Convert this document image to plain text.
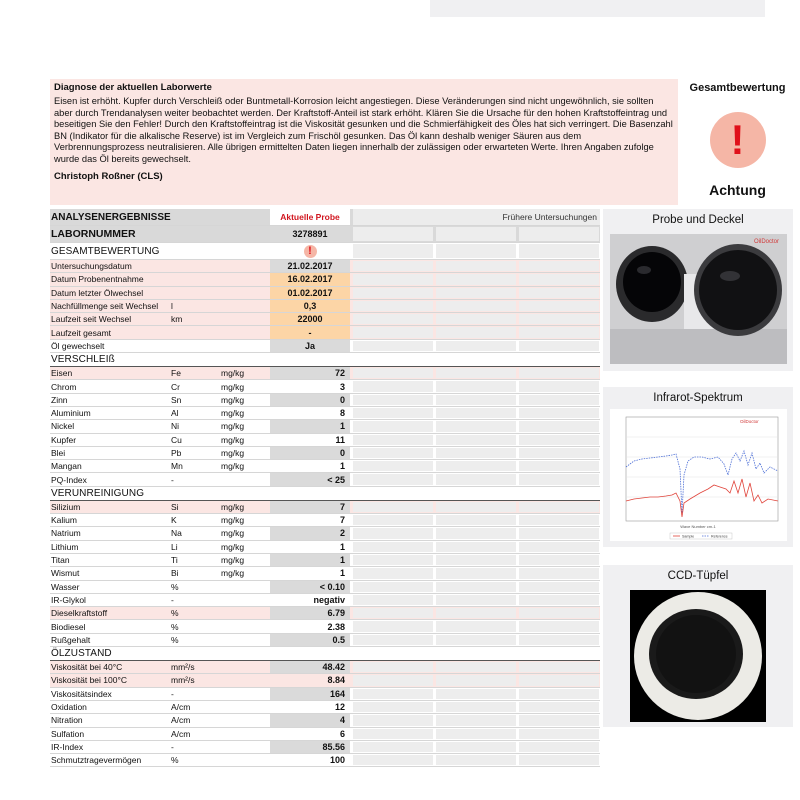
Diagnose der aktuellen Laborwerte
Eisen ist erhöht. Kupfer durch Verschleiß oder Buntmetall-Korrosion leicht angestiegen. Diese Veränderungen sind nicht ungewöhnlich, sie sollten aber durch Trendanalysen weiter beobachtet werden. Der Kraftstoff-Anteil ist stark erhöht. Klären Sie die Ursache für den hohen Kraftstoffeintrag und beseitigen Sie den Fehler! Durch den Kraftstoffeintrag ist die Viskosität gesunken und die Schmierfähigkeit des Öles hat sich verringert. Die Basenzahl BN (Indikator für die alkalische Reserve) ist im Vergleich zum Frischöl gesunken. Das Öl kann deshalb weniger Säuren aus dem Verbrennungsprozess neutralisieren. Alle übrigen ermittelten Daten liegen innerhalb der zulässigen oder erwarteten Werte. Ihren Angaben zufolge wurde das Öl bereits gewechselt.
Christoph Roßner (CLS)
Gesamtbewertung
!
Achtung
ANALYSENERGEBNISSE	Aktuelle Probe	Frühere Untersuchungen
LABORNUMMER	3278891
GESAMTBEWERTUNG	!
Untersuchungsdatum	21.02.2017
Datum Probenentnahme	16.02.2017
Datum letzter Ölwechsel	01.02.2017
Nachfüllmenge seit Wechsel	l	0,3
Laufzeit seit Wechsel	km	22000
Laufzeit gesamt	-
Öl gewechselt	Ja
VERSCHLEIß
Eisen	Fe	mg/kg	72
Chrom	Cr	mg/kg	3
Zinn	Sn	mg/kg	0
Aluminium	Al	mg/kg	8
Nickel	Ni	mg/kg	1
Kupfer	Cu	mg/kg	11
Blei	Pb	mg/kg	0
Mangan	Mn	mg/kg	1
PQ-Index	-	< 25
VERUNREINIGUNG
Silizium	Si	mg/kg	7
Kalium	K	mg/kg	7
Natrium	Na	mg/kg	2
Lithium	Li	mg/kg	1
Titan	Ti	mg/kg	1
Wismut	Bi	mg/kg	1
Wasser	%	< 0.10
IR-Glykol	-	negativ
Dieselkraftstoff	%	6.79
Biodiesel	%	2.38
Rußgehalt	%	0.5
ÖLZUSTAND
Viskosität bei 40°C	mm²/s	48.42
Viskosität bei 100°C	mm²/s	8.84
Viskositätsindex	-	164
Oxidation	A/cm	12
Nitration	A/cm	4
Sulfation	A/cm	6
IR-Index	-	85.56
Schmutztragevermögen	%	100
Probe und Deckel
OilDoctor
Infrarot-Spektrum
Wave Number cm-1
Sample	Reference
OilDoctor
CCD-Tüpfel
